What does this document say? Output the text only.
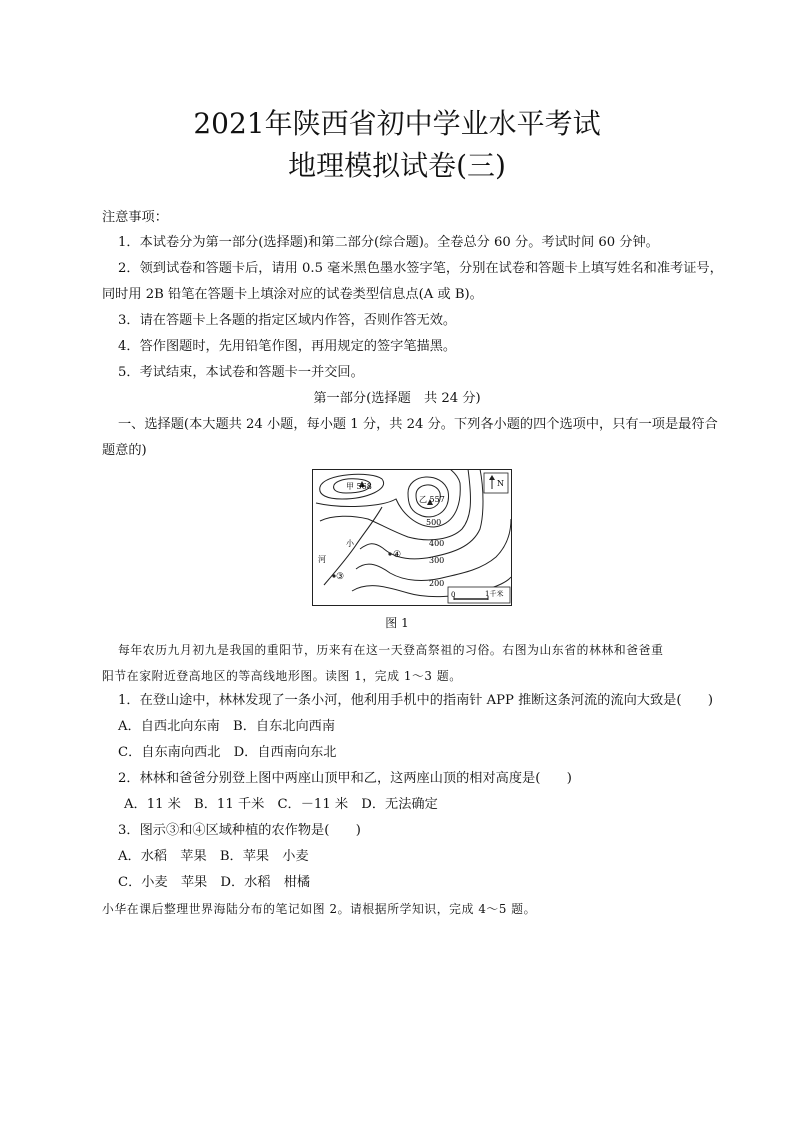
2021年陕西省初中学业水平考试
地理模拟试卷(三)
注意事项：
1．本试卷分为第一部分(选择题)和第二部分(综合题)。全卷总分 60 分。考试时间 60 分钟。
2．领到试卷和答题卡后，请用 0.5 毫米黑色墨水签字笔，分别在试卷和答题卡上填写姓名和准考证号，
同时用 2B 铅笔在答题卡上填涂对应的试卷类型信息点(A 或 B)。
3．请在答题卡上各题的指定区域内作答，否则作答无效。
4．答作图题时，先用铅笔作图，再用规定的签字笔描黑。
5．考试结束，本试卷和答题卡一并交回。
第一部分(选择题　共 24 分)
一、选择题(本大题共 24 小题，每小题 1 分，共 24 分。下列各小题的四个选项中，只有一项是最符合
题意的)
甲 568
乙 557
500
400
300
200
小
河
③
④
N
0	1千米
图 1
每年农历九月初九是我国的重阳节，历来有在这一天登高祭祖的习俗。右图为山东省的林林和爸爸重
阳节在家附近登高地区的等高线地形图。读图 1，完成 1～3 题。
1．在登山途中，林林发现了一条小河，他利用手机中的指南针 APP 推断这条河流的流向大致是(　　)
A．自西北向东南　B．自东北向西南
C．自东南向西北　D．自西南向东北
2．林林和爸爸分别登上图中两座山顶甲和乙，这两座山顶的相对高度是(　　)
A．11 米　B．11 千米　C．－11 米　D．无法确定
3．图示③和④区域种植的农作物是(　　)
A．水稻　苹果　B．苹果　小麦
C．小麦　苹果　D．水稻　柑橘
小华在课后整理世界海陆分布的笔记如图 2。请根据所学知识，完成 4～5 题。
